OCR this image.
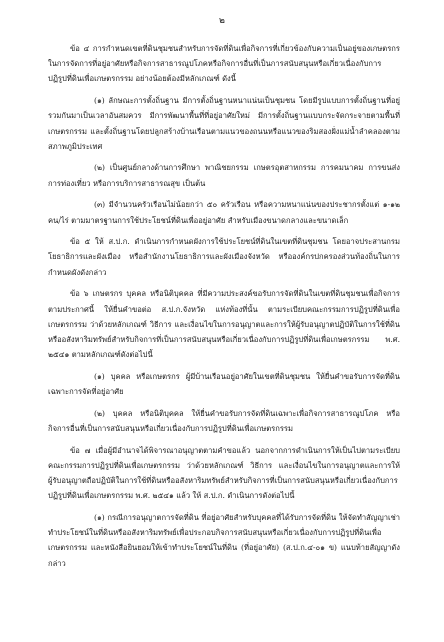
๒

ข้อ ๔ การกำหนดเขตที่ดินชุมชนสำหรับการจัดที่ดินเพื่อกิจการที่เกี่ยวข้องกับความเป็นอยู่ของเกษตรกรในการจัดการที่อยู่อาศัยหรือกิจการสาธารณูปโภคหรือกิจการอื่นที่เป็นการสนับสนุนหรือเกี่ยวเนื่องกับการปฏิรูปที่ดินเพื่อเกษตรกรรม อย่างน้อยต้องมีหลักเกณฑ์ ดังนี้

(๑) ลักษณะการตั้งถิ่นฐาน มีการตั้งถิ่นฐานหนาแน่นเป็นชุมชน โดยมีรูปแบบการตั้งถิ่นฐานที่อยู่รวมกันมาเป็นเวลาอันสมควร มีการพัฒนาพื้นที่ที่อยู่อาศัยใหม่ มีการตั้งถิ่นฐานแบบกระจัดกระจายตามพื้นที่เกษตรกรรม และตั้งถิ่นฐานโดยปลูกสร้างบ้านเรือนตามแนวของถนนหรือแนวของริมสองฝั่งแม่น้ำลำคลองตามสภาพภูมิประเทศ

(๒) เป็นศูนย์กลางด้านการศึกษา พาณิชยกรรม เกษตรอุตสาหกรรม การคมนาคม การขนส่ง การท่องเที่ยว หรือการบริการสาธารณสุข เป็นต้น

(๓) มีจำนวนครัวเรือนไม่น้อยกว่า ๕๐ ครัวเรือน หรือความหนาแน่นของประชากรตั้งแต่ ๑-๑๒ คน/ไร่ ตามมาตรฐานการใช้ประโยชน์ที่ดินเพื่ออยู่อาศัย สำหรับเมืองขนาดกลางและขนาดเล็ก

ข้อ ๕ ให้ ส.ป.ก. ดำเนินการกำหนดผังการใช้ประโยชน์ที่ดินในเขตที่ดินชุมชน โดยอาจประสานกรมโยธาธิการและผังเมือง หรือสำนักงานโยธาธิการและผังเมืองจังหวัด หรือองค์กรปกครองส่วนท้องถิ่นในการกำหนดผังดังกล่าว

ข้อ ๖ เกษตรกร บุคคล หรือนิติบุคคล ที่มีความประสงค์ขอรับการจัดที่ดินในเขตที่ดินชุมชนเพื่อกิจการตามประกาศนี้ ให้ยื่นคำขอต่อ ส.ป.ก.จังหวัด แห่งท้องที่นั้น ตามระเบียบคณะกรรมการปฏิรูปที่ดินเพื่อเกษตรกรรม ว่าด้วยหลักเกณฑ์ วิธีการ และเงื่อนไขในการอนุญาตและการให้ผู้รับอนุญาตปฏิบัติในการใช้ที่ดินหรืออสังหาริมทรัพย์สำหรับกิจการที่เป็นการสนับสนุนหรือเกี่ยวเนื่องกับการปฏิรูปที่ดินเพื่อเกษตรกรรม พ.ศ. ๒๕๔๑ ตามหลักเกณฑ์ดังต่อไปนี้

(๑) บุคคล หรือเกษตรกร ผู้มีบ้านเรือนอยู่อาศัยในเขตที่ดินชุมชน ให้ยื่นคำขอรับการจัดที่ดินเฉพาะการจัดที่อยู่อาศัย

(๒) บุคคล หรือนิติบุคคล ให้ยื่นคำขอรับการจัดที่ดินเฉพาะเพื่อกิจการสาธารณูปโภค หรือกิจการอื่นที่เป็นการสนับสนุนหรือเกี่ยวเนื่องกับการปฏิรูปที่ดินเพื่อเกษตรกรรม

ข้อ ๗ เมื่อผู้มีอำนาจได้พิจารณาอนุญาตตามคำขอแล้ว นอกจากการดำเนินการให้เป็นไปตามระเบียบคณะกรรมการปฏิรูปที่ดินเพื่อเกษตรกรรม ว่าด้วยหลักเกณฑ์ วิธีการ และเงื่อนไขในการอนุญาตและการให้ผู้รับอนุญาตถือปฏิบัติในการใช้ที่ดินหรืออสังหาริมทรัพย์สำหรับกิจการที่เป็นการสนับสนุนหรือเกี่ยวเนื่องกับการปฏิรูปที่ดินเพื่อเกษตรกรรม พ.ศ. ๒๕๔๑ แล้ว ให้ ส.ป.ก. ดำเนินการดังต่อไปนี้

(๑) กรณีการอนุญาตการจัดที่ดิน ที่อยู่อาศัยสำหรับบุคคลที่ได้รับการจัดที่ดิน ให้จัดทำสัญญาเช่าทำประโยชน์ในที่ดินหรืออสังหาริมทรัพย์เพื่อประกอบกิจการสนับสนุนหรือเกี่ยวเนื่องกับการปฏิรูปที่ดินเพื่อเกษตรกรรม และหนังสือยินยอมให้เข้าทำประโยชน์ในที่ดิน (ที่อยู่อาศัย) (ส.ป.ก.๔-๐๑ ข) แนบท้ายสัญญาดังกล่าว
